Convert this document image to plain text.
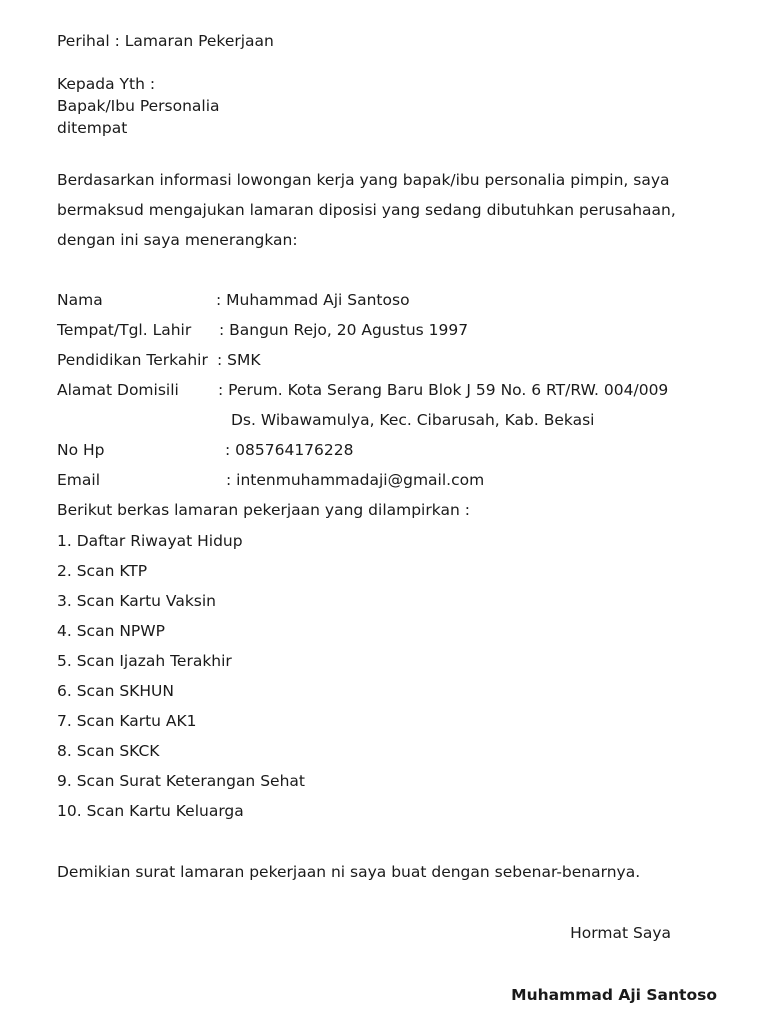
Perihal : Lamaran Pekerjaan
Kepada Yth :
Bapak/Ibu Personalia
ditempat
Berdasarkan informasi lowongan kerja yang bapak/ibu personalia pimpin, saya
bermaksud mengajukan lamaran diposisi yang sedang dibutuhkan perusahaan,
dengan ini saya menerangkan:
Nama	: Muhammad Aji Santoso
Tempat/Tgl. Lahir : Bangun Rejo, 20 Agustus 1997
Pendidikan Terkahir : SMK
Alamat Domisili	: Perum. Kota Serang Baru Blok J 59 No. 6 RT/RW. 004/009
Ds. Wibawamulya, Kec. Cibarusah, Kab. Bekasi
No Hp	: 085764176228
Email	: intenmuhammadaji@gmail.com
Berikut berkas lamaran pekerjaan yang dilampirkan :
1. Daftar Riwayat Hidup
2. Scan KTP
3. Scan Kartu Vaksin
4. Scan NPWP
5. Scan Ijazah Terakhir
6. Scan SKHUN
7. Scan Kartu AK1
8. Scan SKCK
9. Scan Surat Keterangan Sehat
10. Scan Kartu Keluarga
Demikian surat lamaran pekerjaan ni saya buat dengan sebenar-benarnya.
Hormat Saya
Muhammad Aji Santoso
